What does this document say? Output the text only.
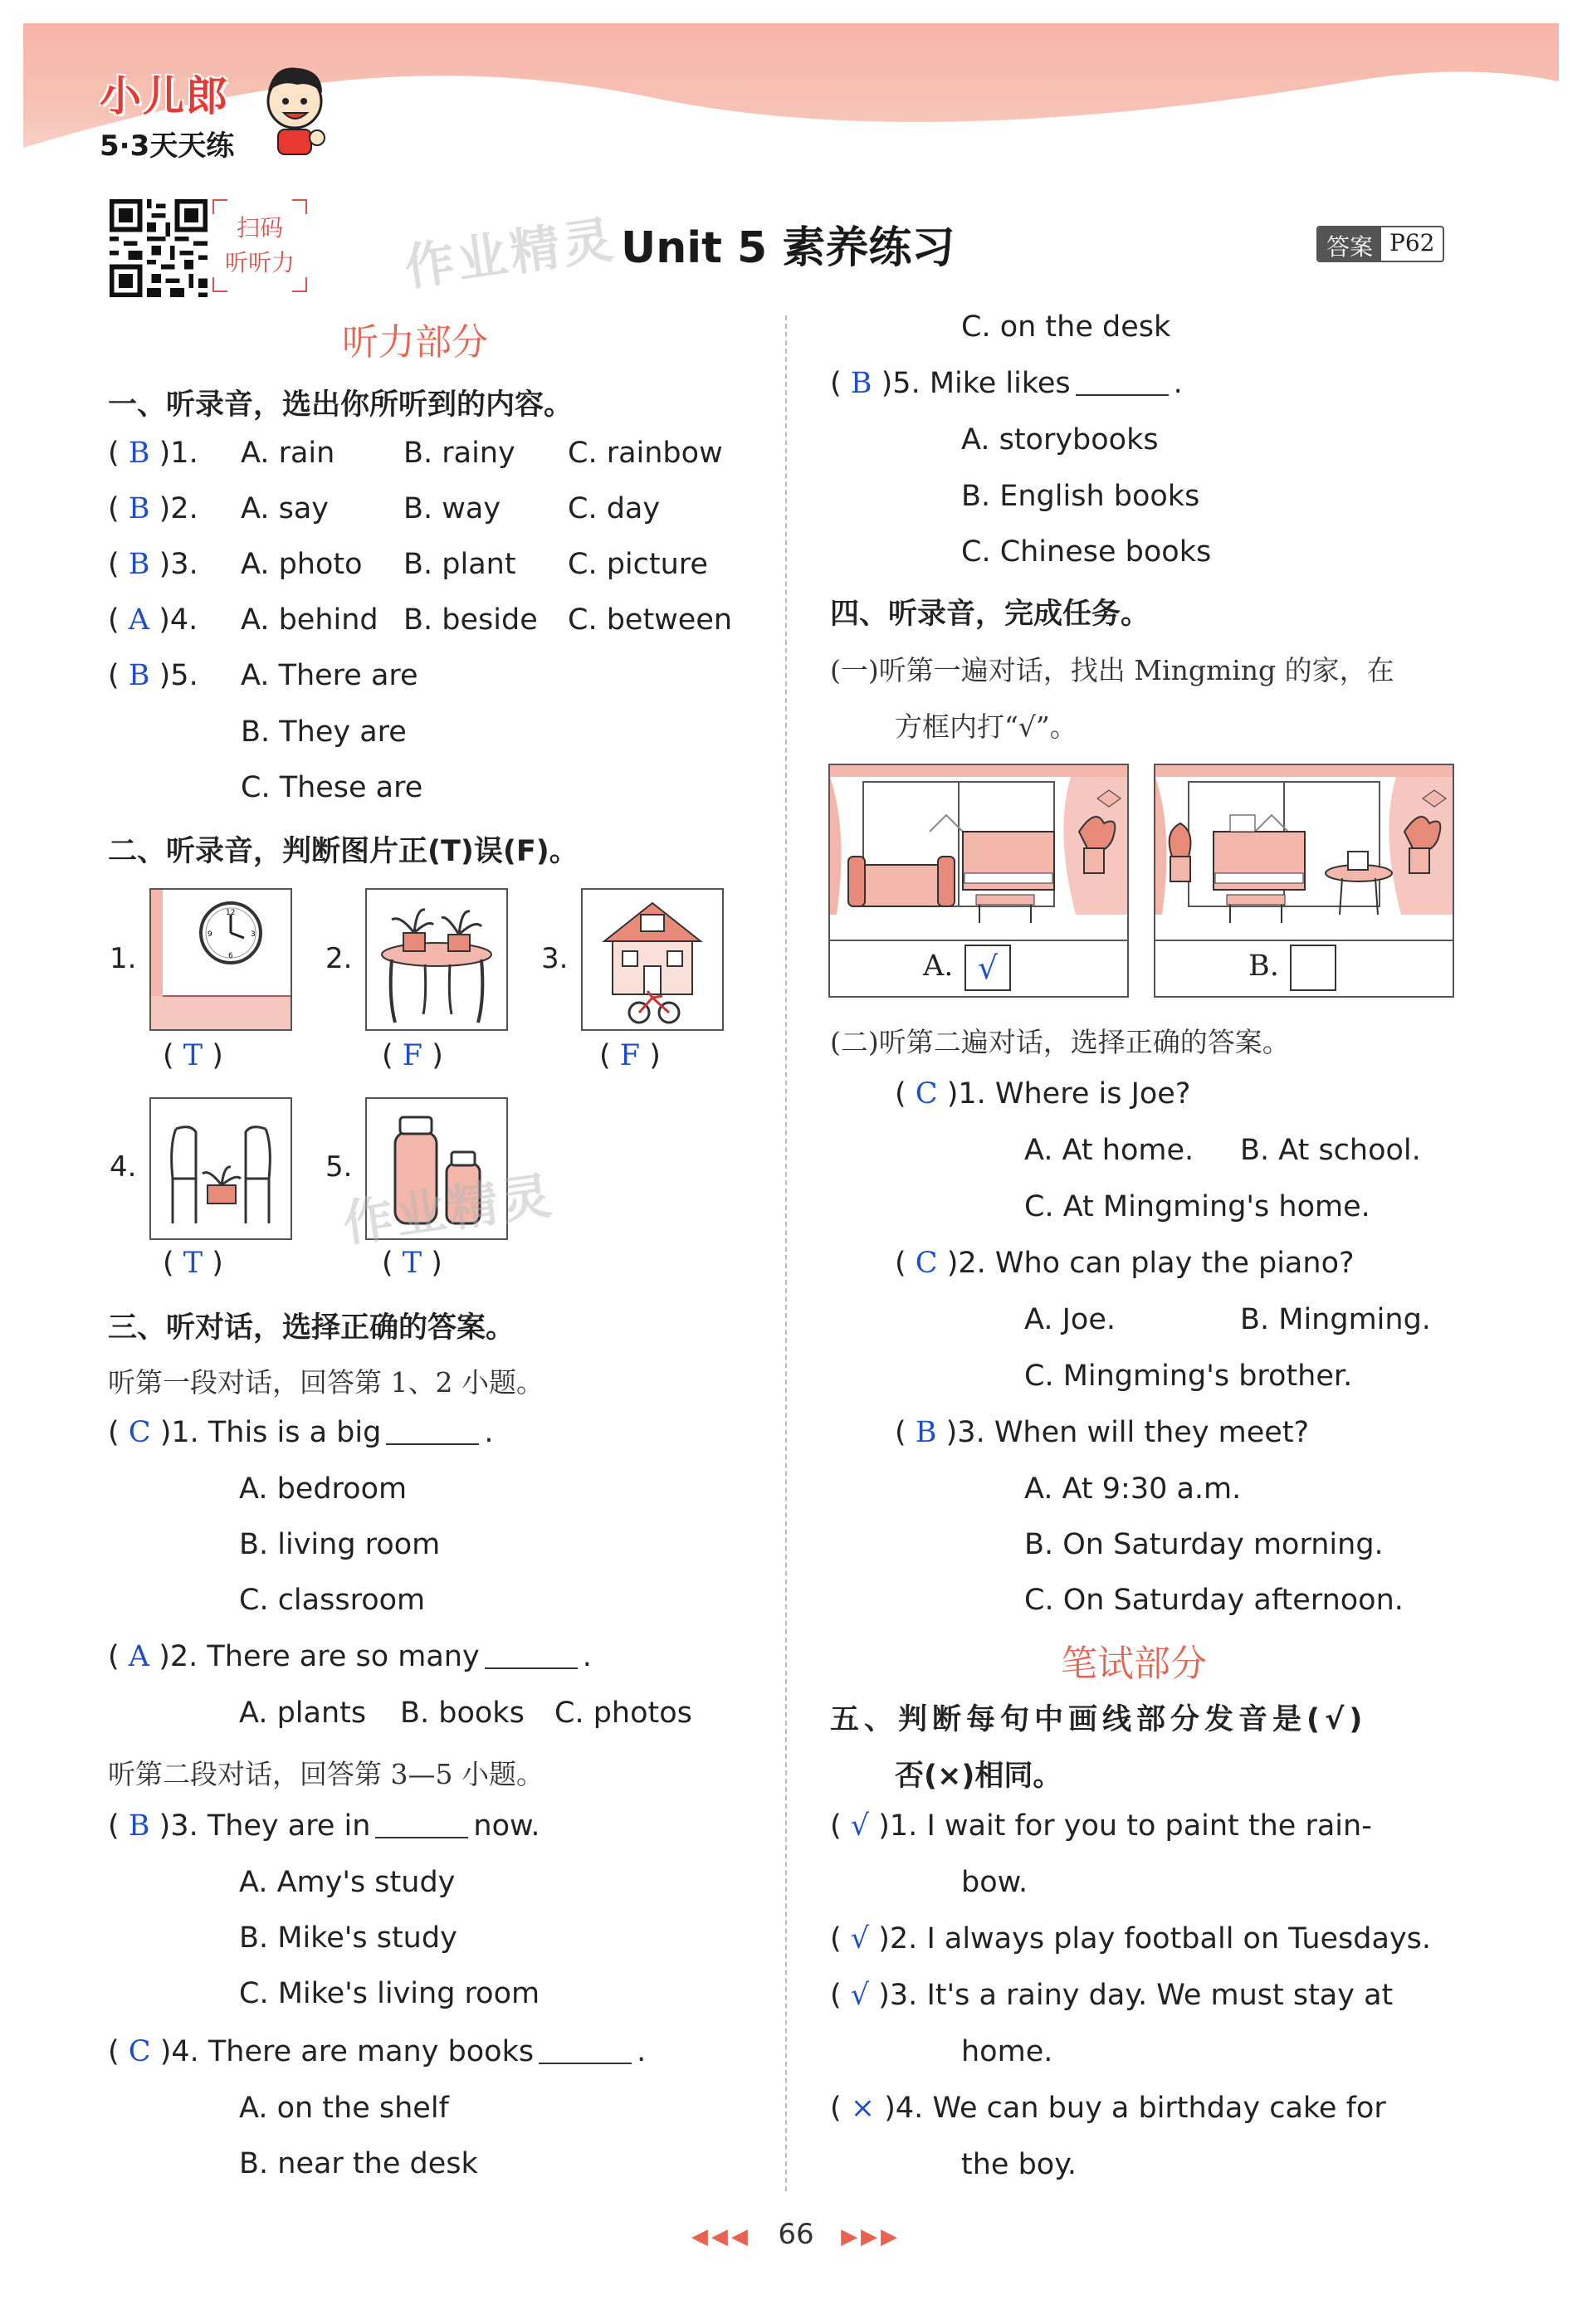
小儿郎
5·3天天练
扫码
听听力 作业精灵 Unit 5 素养练习	答案 P62
听力部分
一、听录音，选出你所听到的内容。
( B )1. A. rain B. rainy C. rainbow
( B )2. A. say	B. way C. day
( B )3. A. photo B. plant C. picture
( A )4. A. behind B. beside C. between
( B )5. A. There are
B. They are
C. These are
二、听录音，判断图片正(T)误(F)。
1.
12
3
6
9
( T )
2.
( F )
3.
( F )
4.
( T )
5.
作业精灵
( T )
三、听对话，选择正确的答案。
听第一段对话，回答第 1、2 小题。
( C )1. This is a big	.
A. bedroom
B. living room
C. classroom
( A )2. There are so many	.
A. plants B. books C. photos
听第二段对话，回答第 3—5 小题。
( B )3. They are in	now.
A. Amy's study
B. Mike's study
C. Mike's living room
( C )4. There are many books	.
A. on the shelf
B. near the desk
C. on the desk
( B )5. Mike likes	.
A. storybooks
B. English books
C. Chinese books
四、听录音，完成任务。
(一)听第一遍对话，找出 Mingming 的家，在
方框内打“√”。
A. √	B.
(二)听第二遍对话，选择正确的答案。
( C )1. Where is Joe?
A. At home. B. At school.
C. At Mingming's home.
( C )2. Who can play the piano?
A. Joe.	B. Mingming.
C. Mingming's brother.
( B )3. When will they meet?
A. At 9:30 a.m.
B. On Saturday morning.
C. On Saturday afternoon.
笔试部分
五、判断每句中画线部分发音是(√)
否(×)相同。
( √ )1. I wait for you to paint the rain-
bow.
( √ )2. I always play football on Tuesdays.
( √ )3. It's a rainy day. We must stay at
home.
( × )4. We can buy a birthday cake for
the boy.
◀◀◀ 66 ▶▶▶
